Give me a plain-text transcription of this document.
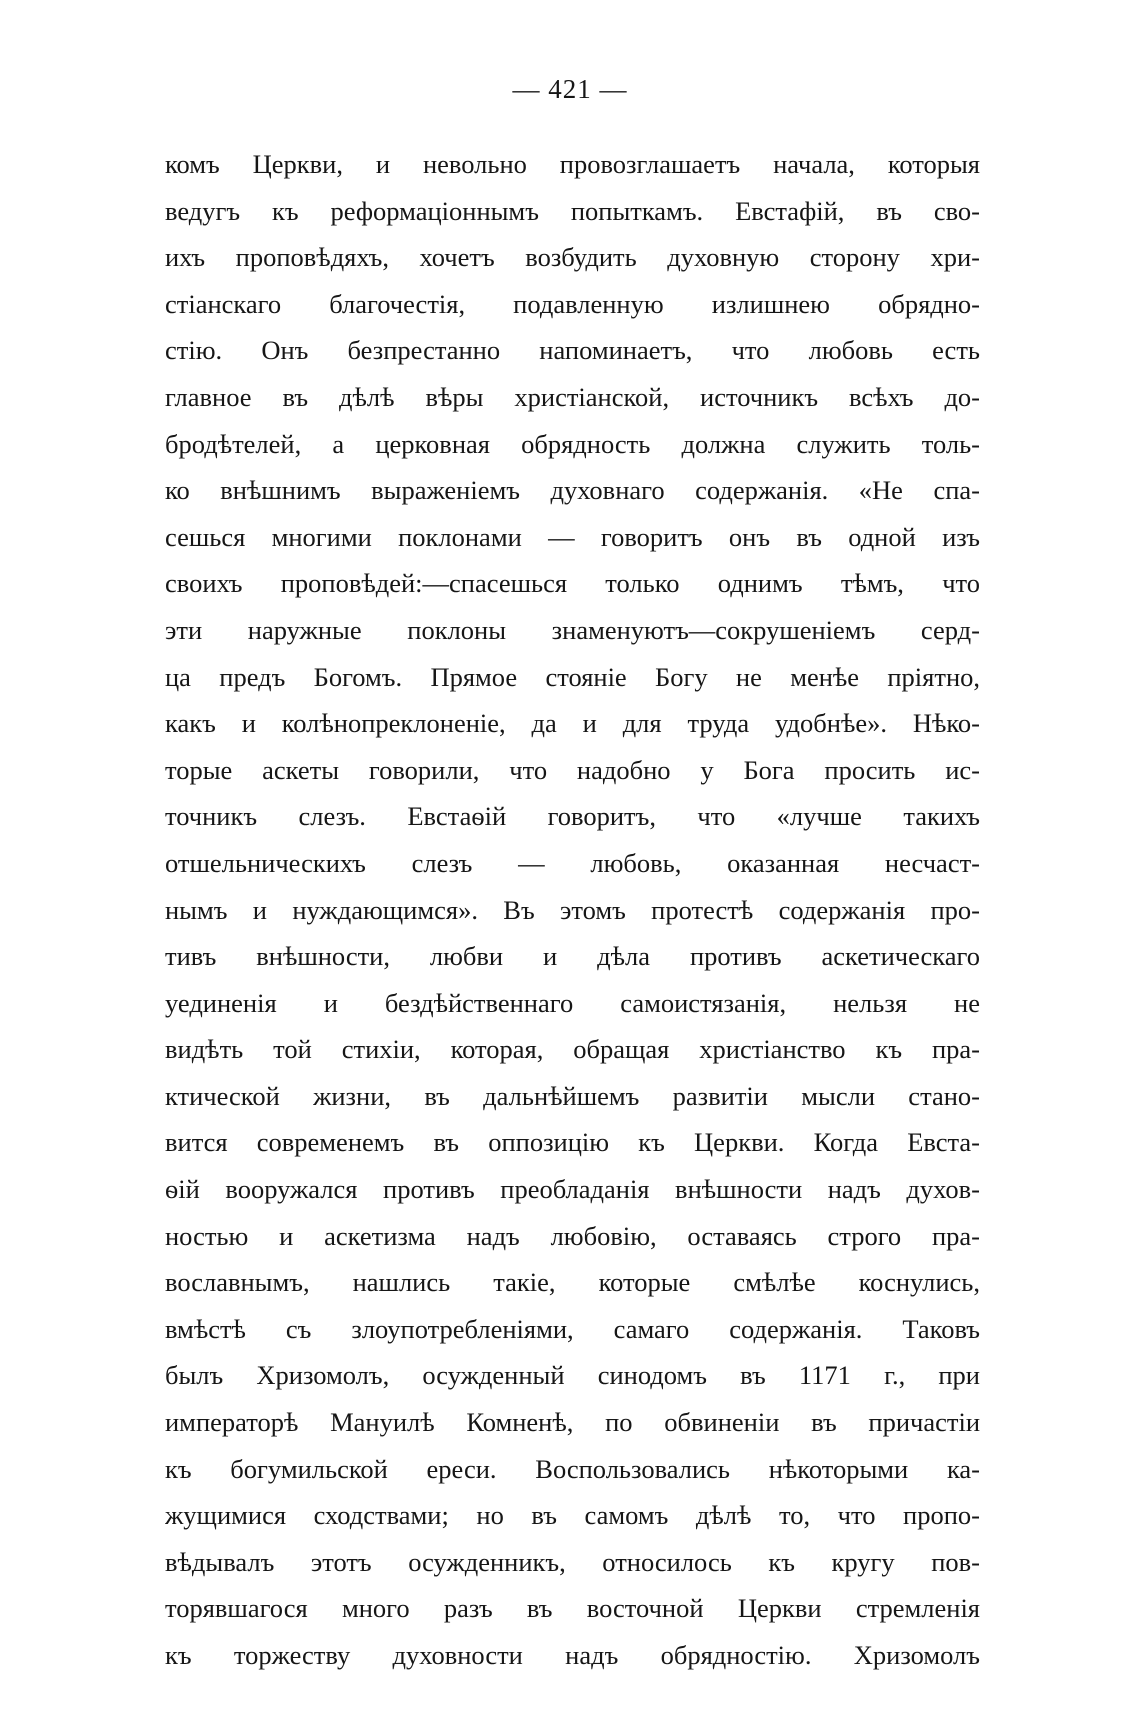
— 421 —
комъ Церкви, и невольно провозглашаетъ начала, которыя
ведугъ къ реформаціоннымъ попыткамъ. Евстафій, въ сво-
ихъ проповѣдяхъ, хочетъ возбудить духовную сторону хри-
стіанскаго благочестія, подавленную излишнею обрядно-
стію. Онъ безпрестанно напоминаетъ, что любовь есть
главное въ дѣлѣ вѣры христіанской, источникъ всѣхъ до-
бродѣтелей, а церковная обрядность должна служить толь-
ко внѣшнимъ выраженіемъ духовнаго содержанія. «Не спа-
сешься многими поклонами — говоритъ онъ въ одной изъ
своихъ проповѣдей:—спасешься только однимъ тѣмъ, что
эти наружные поклоны знаменуютъ—сокрушеніемъ серд-
ца предъ Богомъ. Прямое стояніе Богу не менѣе пріятно,
какъ и колѣнопреклоненіе, да и для труда удобнѣе». Нѣко-
торые аскеты говорили, что надобно у Бога просить ис-
точникъ слезъ. Евстаѳій говоритъ, что «лучше такихъ
отшельническихъ слезъ — любовь, оказанная несчаст-
нымъ и нуждающимся». Въ этомъ протестѣ содержанія про-
тивъ внѣшности, любви и дѣла противъ аскетическаго
уединенія и бездѣйственнаго самоистязанія, нельзя не
видѣть той стихіи, которая, обращая христіанство къ пра-
ктической жизни, въ дальнѣйшемъ развитіи мысли стано-
вится современемъ въ оппозицію къ Церкви. Когда Евста-
ѳій вооружался противъ преобладанія внѣшности надъ духов-
ностью и аскетизма надъ любовію, оставаясь строго пра-
вославнымъ, нашлись такіе, которые смѣлѣе коснулись,
вмѣстѣ съ злоупотребленіями, самаго содержанія. Таковъ
былъ Хризомолъ, осужденный синодомъ въ 1171 г., при
императорѣ Мануилѣ Комненѣ, по обвиненіи въ причастіи
къ богумильской ереси. Воспользовались нѣкоторыми ка-
жущимися сходствами; но въ самомъ дѣлѣ то, что пропо-
вѣдывалъ этотъ осужденникъ, относилось къ кругу пов-
торявшагося много разъ въ восточной Церкви стремленія
къ торжеству духовности надъ обрядностію. Хризомолъ
